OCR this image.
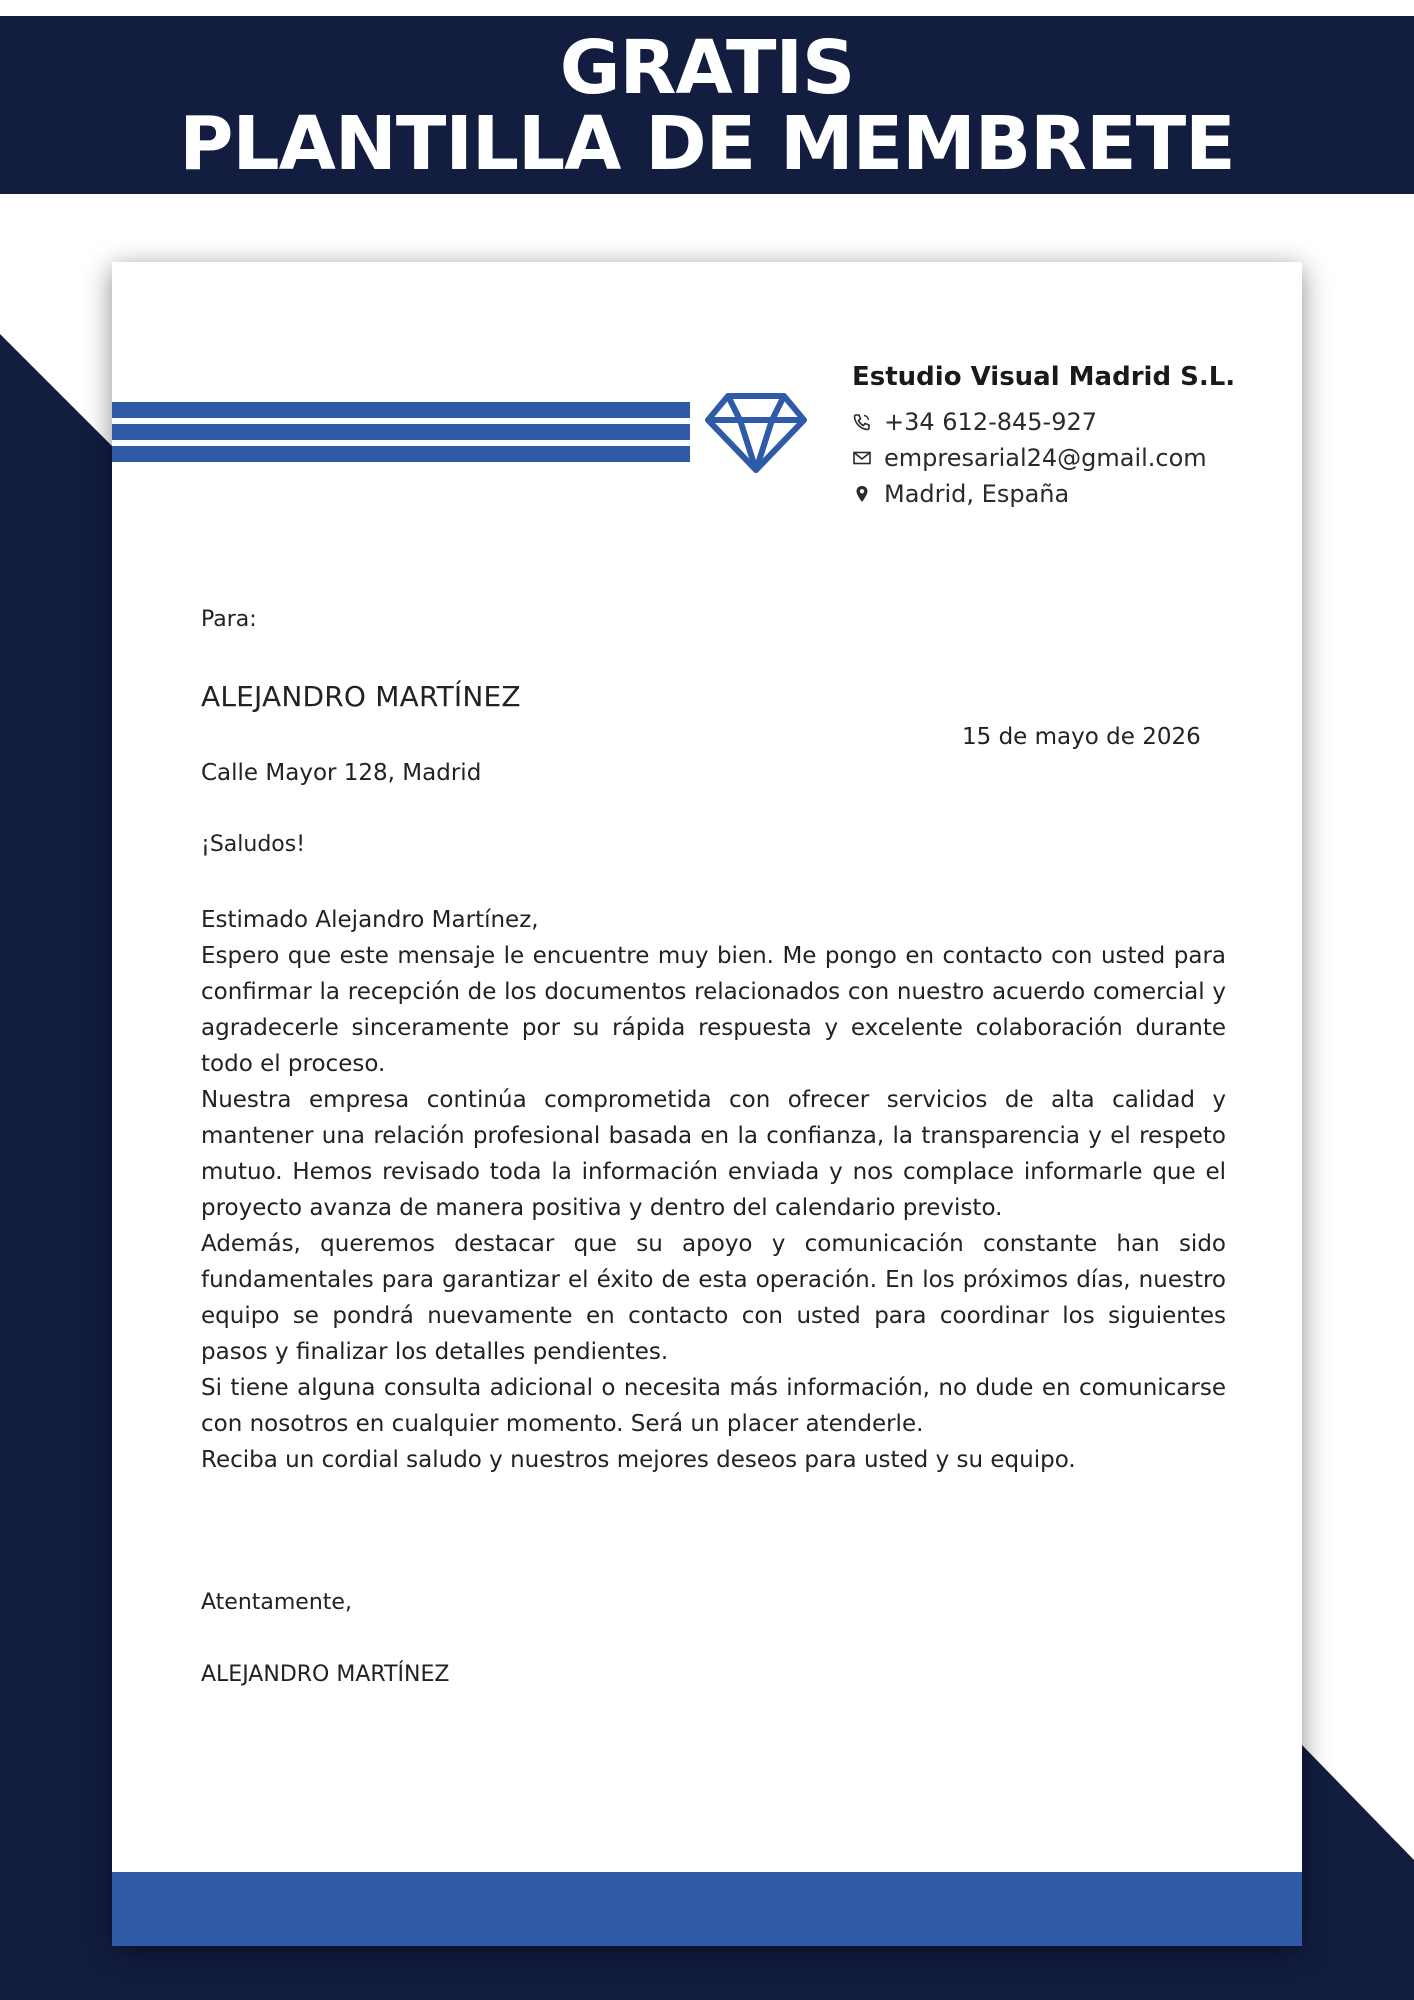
GRATIS
PLANTILLA DE MEMBRETE
Estudio Visual Madrid S.L.
+34 612-845-927
empresarial24@gmail.com
Madrid, España
Para:
ALEJANDRO MARTÍNEZ
15 de mayo de 2026
Calle Mayor 128, Madrid
¡Saludos!

Estimado Alejandro Martínez,

Espero que este mensaje le encuentre muy bien. Me pongo en contacto con usted para confirmar la recepción de los documentos relacionados con nuestro acuerdo comercial y agradecerle sinceramente por su rápida respuesta y excelente colaboración durante todo el proceso.

Nuestra empresa continúa comprometida con ofrecer servicios de alta calidad y mantener una relación profesional basada en la confianza, la transparencia y el respeto mutuo. Hemos revisado toda la información enviada y nos complace informarle que el proyecto avanza de manera positiva y dentro del calendario previsto.

Además, queremos destacar que su apoyo y comunicación constante han sido fundamentales para garantizar el éxito de esta operación. En los próximos días, nuestro equipo se pondrá nuevamente en contacto con usted para coordinar los siguientes pasos y finalizar los detalles pendientes.

Si tiene alguna consulta adicional o necesita más información, no dude en comunicarse con nosotros en cualquier momento. Será un placer atenderle.

Reciba un cordial saludo y nuestros mejores deseos para usted y su equipo.

Atentamente,
ALEJANDRO MARTÍNEZ
